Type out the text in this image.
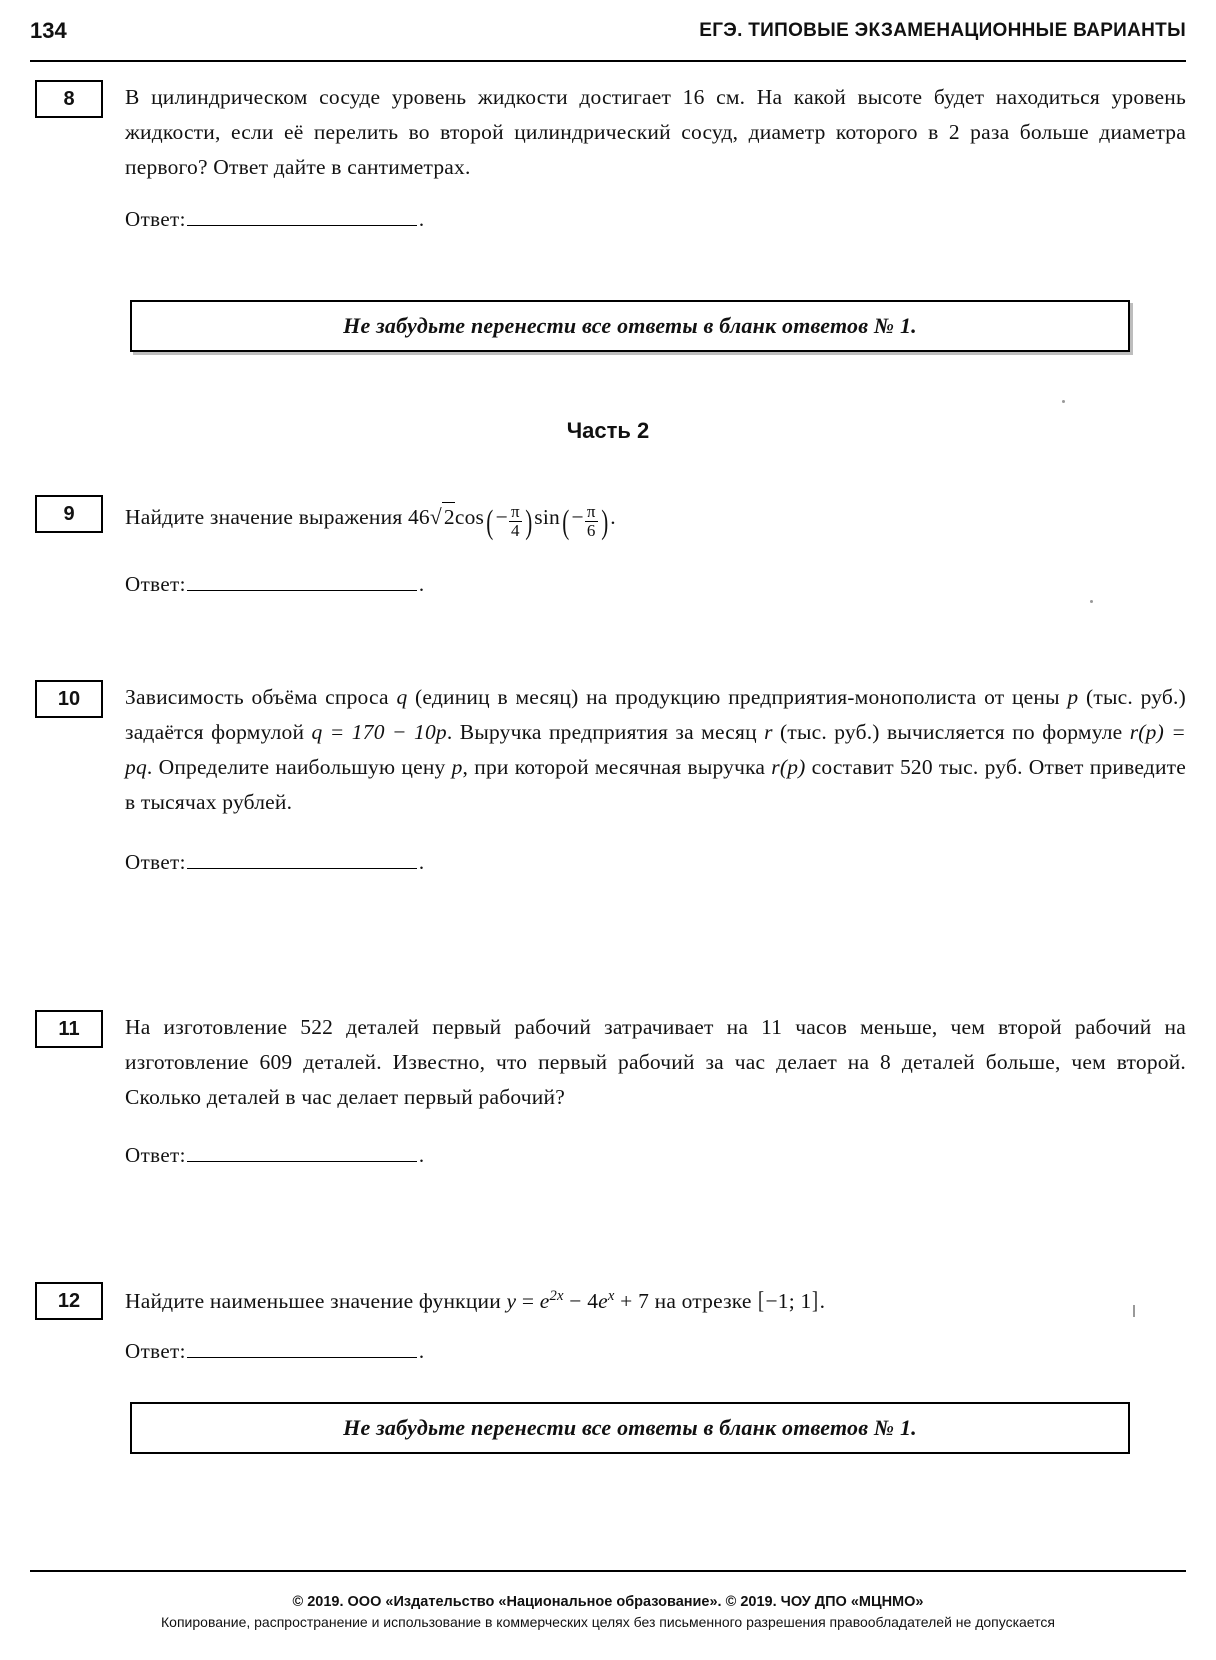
134	ЕГЭ. ТИПОВЫЕ ЭКЗАМЕНАЦИОННЫЕ ВАРИАНТЫ
8	В цилиндрическом сосуде уровень жидкости достигает 16 см. На какой высоте будет находиться уровень жидкости, если её перелить во второй цилиндрический сосуд, диаметр которого в 2 раза больше диаметра первого? Ответ дайте в сантиметрах.
Ответ:	.
Не забудьте перенести все ответы в бланк ответов № 1.
Часть 2
9	Найдите значение выражения 46√
$2\cos( - \frac{\pi}{4}$ ) $\sin( - \frac{\pi}{6}$ ) .
Ответ:	.
10	Зависимость объёма спроса q (единиц в месяц) на продукцию предприятия-монополиста от цены p (тыс. руб.) задаётся формулой q = 170 − 10p. Выручка предприятия за месяц r (тыс. руб.) вычисляется по формуле r(p) = pq. Определите наибольшую цену p, при которой месячная выручка r(p) составит 520 тыс. руб. Ответ приведите в тысячах рублей.
Ответ:	.
11	На изготовление 522 деталей первый рабочий затрачивает на 11 часов меньше, чем второй рабочий на изготовление 609 деталей. Известно, что первый рабочий за час делает на 8 деталей больше, чем второй. Сколько деталей в час делает первый рабочий?
Ответ:	.
12	Найдите наименьшее значение функции $y = e^{2x} - 4e^x + 7$ на отрезке [−1; 1].
Ответ:	.
Не забудьте перенести все ответы в бланк ответов № 1.
© 2019. ООО «Издательство «Национальное образование». © 2019. ЧОУ ДПО «МЦНМО»
Копирование, распространение и использование в коммерческих целях без письменного разрешения правообладателей не допускается
